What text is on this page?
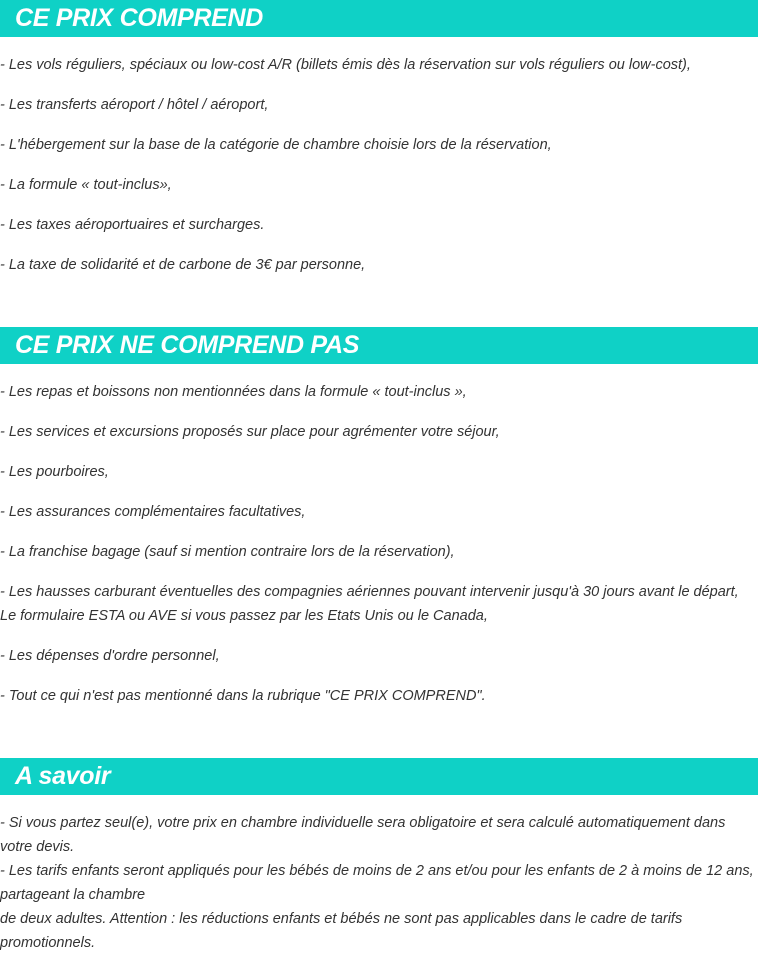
CE PRIX COMPREND

- Les vols réguliers, spéciaux ou low-cost A/R (billets émis dès la réservation sur vols réguliers ou low-cost),

- Les transferts aéroport / hôtel / aéroport,

- L'hébergement sur la base de la catégorie de chambre choisie lors de la réservation,

- La formule « tout-inclus»,

- Les taxes aéroportuaires et surcharges.

- La taxe de solidarité et de carbone de 3€ par personne,

CE PRIX NE COMPREND PAS

- Les repas et boissons non mentionnées dans la formule « tout-inclus »,

- Les services et excursions proposés sur place pour agrémenter votre séjour,

- Les pourboires,

- Les assurances complémentaires facultatives,

- La franchise bagage (sauf si mention contraire lors de la réservation),

- Les hausses carburant éventuelles des compagnies aériennes pouvant intervenir jusqu'à 30 jours avant le départ, Le formulaire ESTA ou AVE si vous passez par les Etats Unis ou le Canada,

- Les dépenses d'ordre personnel,

- Tout ce qui n'est pas mentionné dans la rubrique "CE PRIX COMPREND".

A savoir

- Si vous partez seul(e), votre prix en chambre individuelle sera obligatoire et sera calculé automatiquement dans votre devis.

- Les tarifs enfants seront appliqués pour les bébés de moins de 2 ans et/ou pour les enfants de 2 à moins de 12 ans, partageant la chambre

de deux adultes. Attention : les réductions enfants et bébés ne sont pas applicables dans le cadre de tarifs promotionnels.
